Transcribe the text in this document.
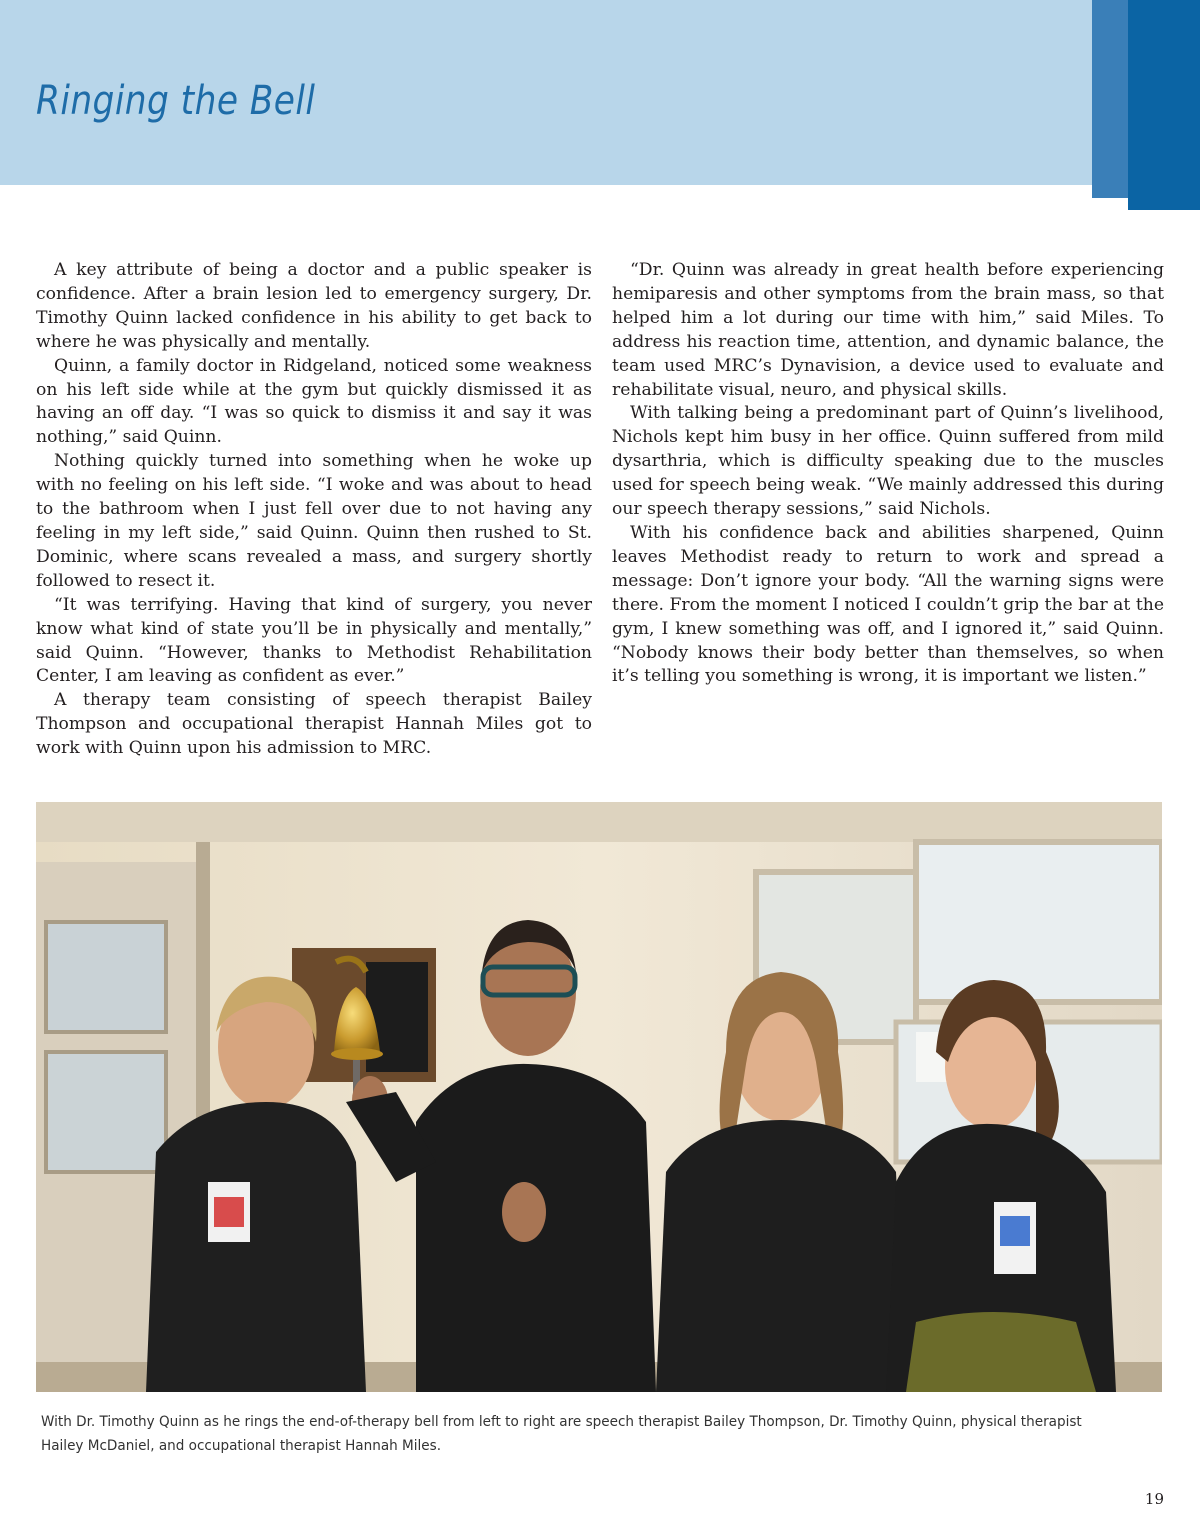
Ringing the Bell

A key attribute of being a doctor and a public speaker is confidence. After a brain lesion led to emergency surgery, Dr. Timothy Quinn lacked confidence in his ability to get back to where he was physically and mentally.

Quinn, a family doctor in Ridgeland, noticed some weakness on his left side while at the gym but quickly dismissed it as having an off day. “I was so quick to dismiss it and say it was nothing,” said Quinn.

Nothing quickly turned into something when he woke up with no feeling on his left side. “I woke and was about to head to the bathroom when I just fell over due to not having any feeling in my left side,” said Quinn. Quinn then rushed to St. Dominic, where scans revealed a mass, and surgery shortly followed to resect it.

“It was terrifying. Having that kind of surgery, you never know what kind of state you’ll be in physically and mentally,” said Quinn. “However, thanks to Methodist Rehabilitation Center, I am leaving as confident as ever.”

A therapy team consisting of speech therapist Bailey Thompson and occupational therapist Hannah Miles got to work with Quinn upon his admission to MRC.

“Dr. Quinn was already in great health before experiencing hemiparesis and other symptoms from the brain mass, so that helped him a lot during our time with him,” said Miles. To address his reaction time, attention, and dynamic balance, the team used MRC’s Dynavision, a device used to evaluate and rehabilitate visual, neuro, and physical skills.

With talking being a predominant part of Quinn’s livelihood, Nichols kept him busy in her office. Quinn suffered from mild dysarthria, which is difficulty speaking due to the muscles used for speech being weak. “We mainly addressed this during our speech therapy sessions,” said Nichols.

With his confidence back and abilities sharpened, Quinn leaves Methodist ready to return to work and spread a message: Don’t ignore your body. “All the warning signs were there. From the moment I noticed I couldn’t grip the bar at the gym, I knew something was off, and I ignored it,” said Quinn. “Nobody knows their body better than themselves, so when it’s telling you something is wrong, it is important we listen.”

With Dr. Timothy Quinn as he rings the end-of-therapy bell from left to right are speech therapist Bailey Thompson, Dr. Timothy Quinn, physical therapist Hailey McDaniel, and occupational therapist Hannah Miles.

19
